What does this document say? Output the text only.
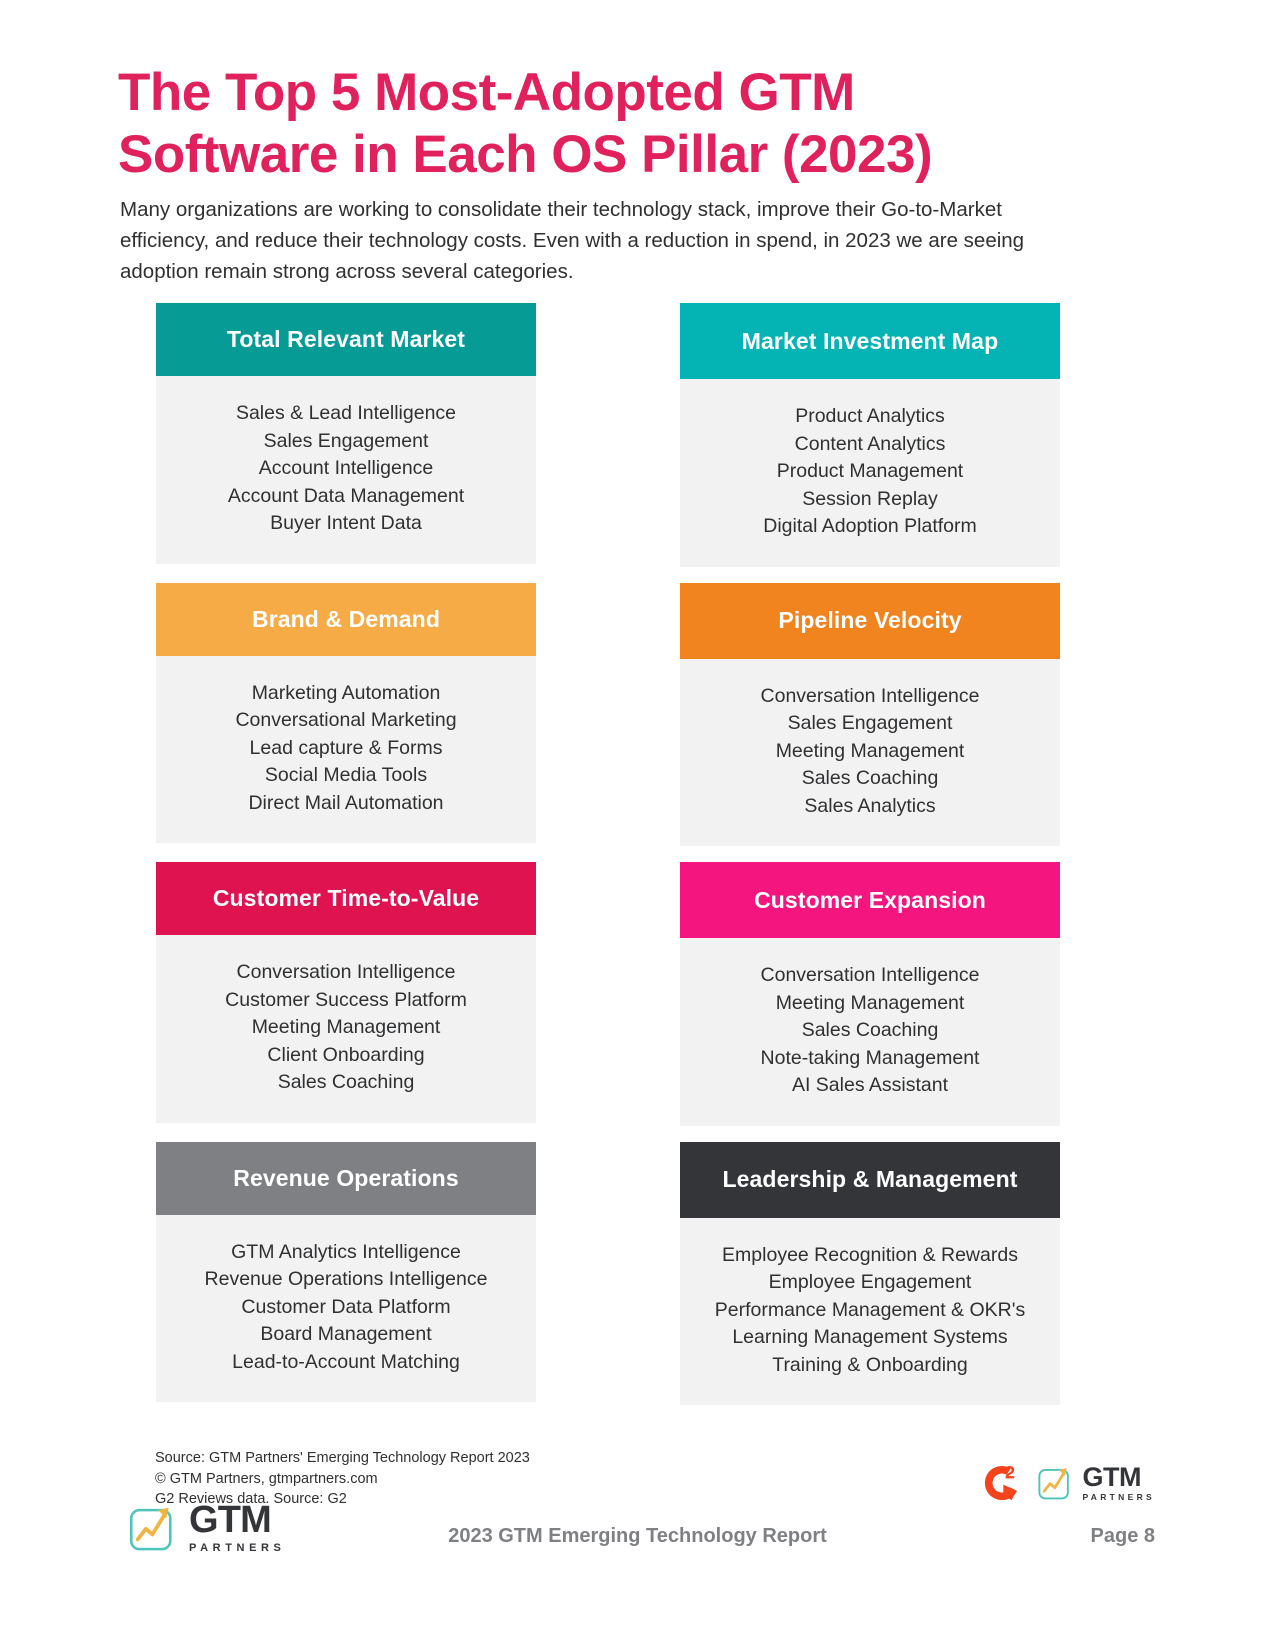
The Top 5 Most-Adopted GTM
Software in Each OS Pillar (2023)
Many organizations are working to consolidate their technology stack, improve their Go-to-Market efficiency, and reduce their technology costs. Even with a reduction in spend, in 2023 we are seeing adoption remain strong across several categories.
Total Relevant Market
Sales & Lead Intelligence
Sales Engagement
Account Intelligence
Account Data Management
Buyer Intent Data
Market Investment Map
Product Analytics
Content Analytics
Product Management
Session Replay
Digital Adoption Platform
Brand & Demand
Marketing Automation
Conversational Marketing
Lead capture & Forms
Social Media Tools
Direct Mail Automation
Pipeline Velocity
Conversation Intelligence
Sales Engagement
Meeting Management
Sales Coaching
Sales Analytics
Customer Time-to-Value
Conversation Intelligence
Customer Success Platform
Meeting Management
Client Onboarding
Sales Coaching
Customer Expansion
Conversation Intelligence
Meeting Management
Sales Coaching
Note-taking Management
AI Sales Assistant
Revenue Operations
GTM Analytics Intelligence
Revenue Operations Intelligence
Customer Data Platform
Board Management
Lead-to-Account Matching
Leadership & Management
Employee Recognition & Rewards
Employee Engagement
Performance Management & OKR's
Learning Management Systems
Training & Onboarding
Source: GTM Partners' Emerging Technology Report 2023
© GTM Partners, gtmpartners.com
G2 Reviews data. Source: G2
GTM
PARTNERS
GTM
PARTNERS
2023 GTM Emerging Technology Report	Page 8
